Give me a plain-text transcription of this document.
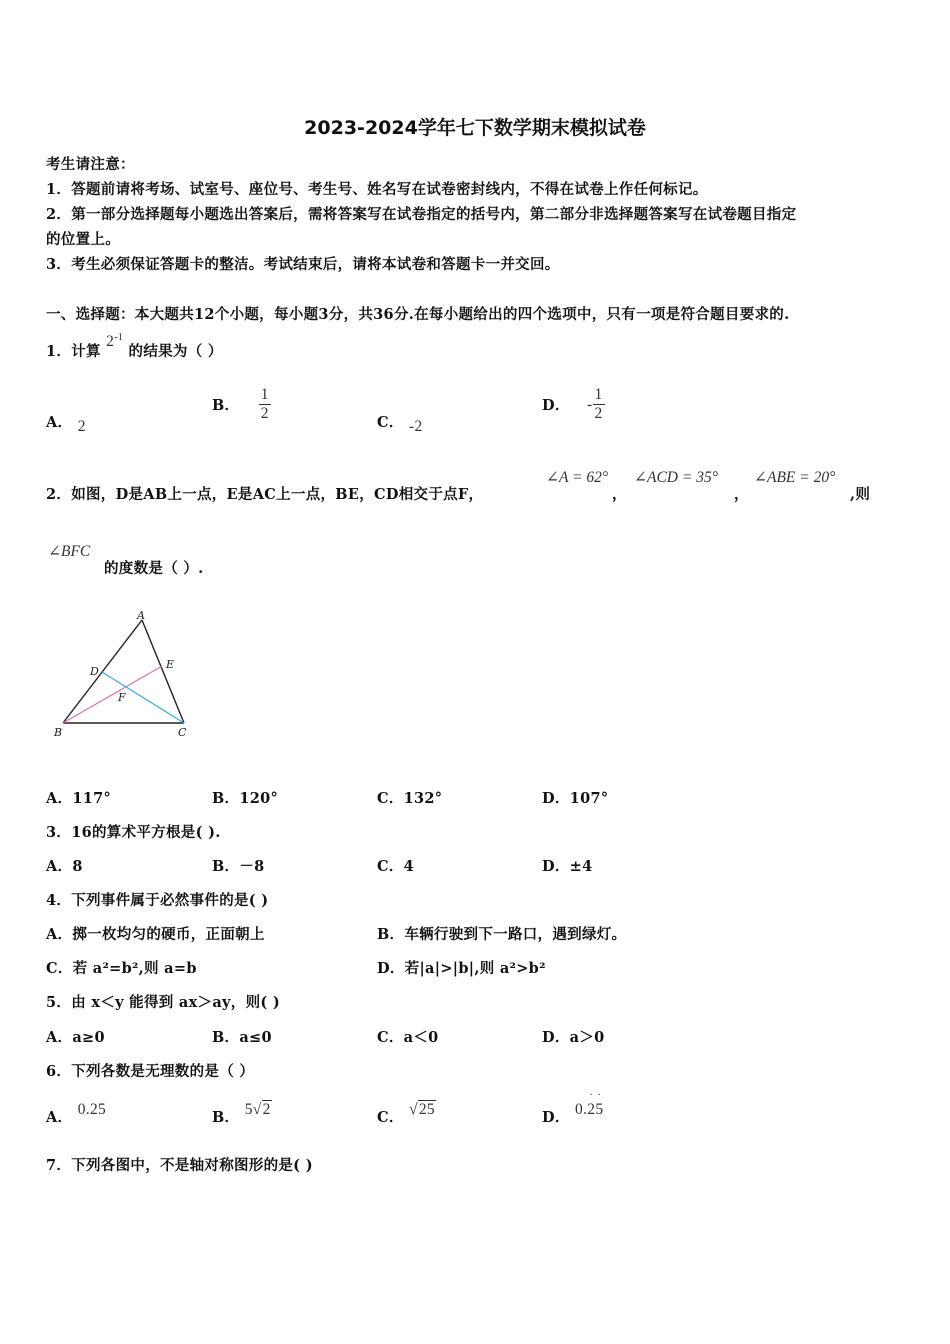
2023-2024学年七下数学期末模拟试卷
考生请注意：
1．答题前请将考场、试室号、座位号、考生号、姓名写在试卷密封线内，不得在试卷上作任何标记。
2．第一部分选择题每小题选出答案后，需将答案写在试卷指定的括号内，第二部分非选择题答案写在试卷题目指定
的位置上。
3．考生必须保证答题卡的整洁。考试结束后，请将本试卷和答题卡一并交回。
一、选择题：本大题共12个小题，每小题3分，共36分.在每小题给出的四个选项中，只有一项是符合题目要求的.
1．计算 $2^{-1}$ 的结果为（ ）
A． 2
B． $\frac{1}{2}$	C． -2
D． - $\frac{1}{2}$
2．如图，D是AB上一点，E是AC上一点，BE，CD相交于点F，
∠A = 62°
，
∠ACD = 35°
，
∠ABE = 20°
,则
∠BFC
的度数是（ ）.
A
B	C
D
E
F
A．117°	B．120°	C．132°	D．107°
3．16的算术平方根是( ).
A．8	B．－8	C．4	D．±4
4．下列事件属于必然事件的是( )
A．掷一枚均匀的硬币，正面朝上	B．车辆行驶到下一路口，遇到绿灯。
C．若 a²=b²,则 a=b	D．若|a|>|b|,则 a²>b²
5．由 x＜y 能得到 ax＞ay，则( )
A．a≥0	B．a≤0	C．a＜0	D．a＞0
6．下列各数是无理数的是（ ）
A． 0.25	B． 5√2	C． √25	D． 0.2
·
5
·
7．下列各图中，不是轴对称图形的是( )
